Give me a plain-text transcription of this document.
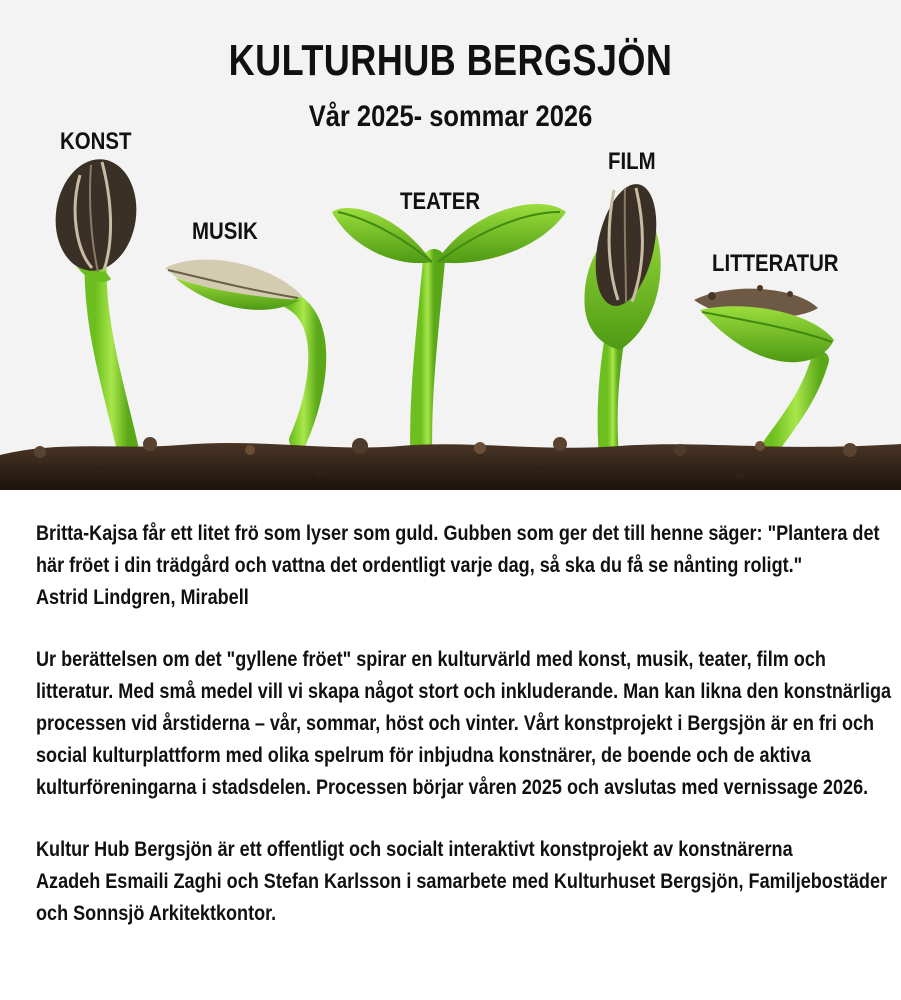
KULTURHUB BERGSJÖN
Vår 2025- sommar 2026
KONST
MUSIK
TEATER
FILM
LITTERATUR

Britta-Kajsa får ett litet frö som lyser som guld. Gubben som ger det till henne säger: "Plantera det
här fröet i din trädgård och vattna det ordentligt varje dag, så ska du få se nånting roligt."
Astrid Lindgren, Mirabell

Ur berättelsen om det "gyllene fröet" spirar en kulturvärld med konst, musik, teater, film och
litteratur. Med små medel vill vi skapa något stort och inkluderande. Man kan likna den konstnärliga
processen vid årstiderna – vår, sommar, höst och vinter. Vårt konstprojekt i Bergsjön är en fri och
social kulturplattform med olika spelrum för inbjudna konstnärer, de boende och de aktiva
kulturföreningarna i stadsdelen. Processen börjar våren 2025 och avslutas med vernissage 2026.

Kultur Hub Bergsjön är ett offentligt och socialt interaktivt konstprojekt av konstnärerna
Azadeh Esmaili Zaghi och Stefan Karlsson i samarbete med Kulturhuset Bergsjön, Familjebostäder
och Sonnsjö Arkitektkontor.
